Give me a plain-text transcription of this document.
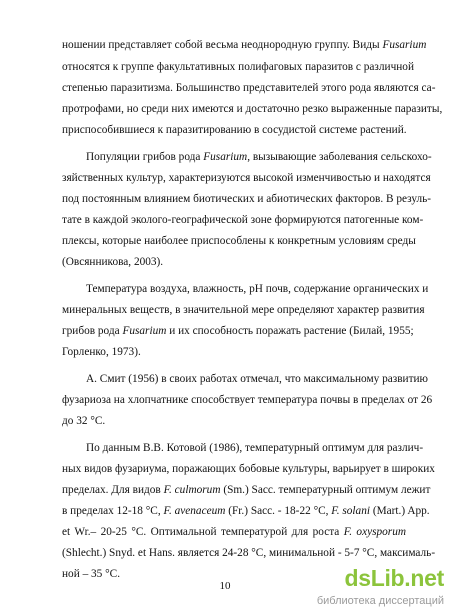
ношении представляет собой весьма неоднородную группу. Виды Fusarium
относятся к группе факультативных полифаговых паразитов с различной
степенью паразитизма. Большинство представителей этого рода являются са-
протрофами, но среди них имеются и достаточно резко выраженные паразиты,
приспособившиеся к паразитированию в сосудистой системе растений.
Популяции грибов рода Fusarium, вызывающие заболевания сельскохо-
зяйственных культур, характеризуются высокой изменчивостью и находятся
под постоянным влиянием биотических и абиотических факторов. В резуль-
тате в каждой эколого-географической зоне формируются патогенные ком-
плексы, которые наиболее приспособлены к конкретным условиям среды
(Овсянникова, 2003).
Температура воздуха, влажность, pH почв, содержание органических и
минеральных веществ, в значительной мере определяют характер развития
грибов рода Fusarium и их способность поражать растение (Билай, 1955;
Горленко, 1973).
А. Смит (1956) в своих работах отмечал, что максимальному развитию
фузариоза на хлопчатнике способствует температура почвы в пределах от 26
до 32 °С.
По данным В.В. Котовой (1986), температурный оптимум для различ-
ных видов фузариума, поражающих бобовые культуры, варьирует в широких
пределах. Для видов F. culmorum (Sm.) Sacc. температурный оптимум лежит
в пределах 12-18 °С, F. avenaceum (Fr.) Sacc. - 18-22 °С, F. solani (Mart.) App.
et Wr.– 20-25 °С. Оптимальной температурой для роста F. oxysporum
(Shlecht.) Snyd. et Hans. является 24-28 °С, минимальной - 5-7 °С, максималь-
ной – 35 °С.
10	dsLib.net
библиотека диссертаций
